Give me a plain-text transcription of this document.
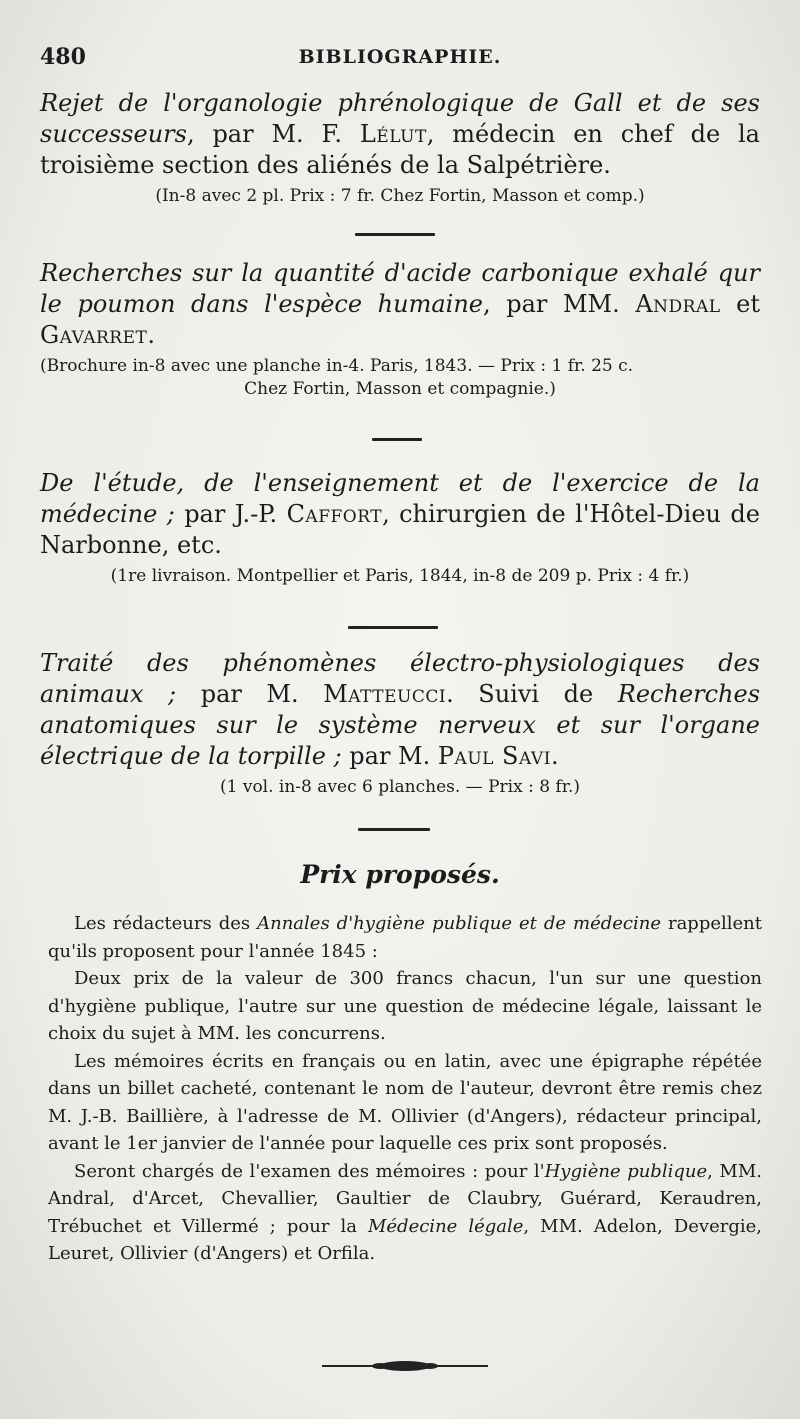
480	BIBLIOGRAPHIE.

Rejet de l'organologie phrénologique de Gall et de ses successeurs, par M. F. Lélut, médecin en chef de la troisième section des aliénés de la Salpétrière.

(In-8 avec 2 pl. Prix : 7 fr. Chez Fortin, Masson et comp.)

Recherches sur la quantité d'acide carbonique exhalé qur le poumon dans l'espèce humaine, par MM. Andral et Gavarret.

(Brochure in-8 avec une planche in-4. Paris, 1843. — Prix : 1 fr. 25 c.

Chez Fortin, Masson et compagnie.)

De l'étude, de l'enseignement et de l'exercice de la médecine ; par J.-P. Caffort, chirurgien de l'Hôtel-Dieu de Narbonne, etc.

(1re livraison. Montpellier et Paris, 1844, in-8 de 209 p. Prix : 4 fr.)

Traité des phénomènes électro-physiologiques des animaux ; par M. Matteucci. Suivi de Recherches anatomiques sur le système nerveux et sur l'organe électrique de la torpille ; par M. Paul Savi.

(1 vol. in-8 avec 6 planches. — Prix : 8 fr.)

Prix proposés.

Les rédacteurs des Annales d'hygiène publique et de médecine rappellent qu'ils proposent pour l'année 1845 :

Deux prix de la valeur de 300 francs chacun, l'un sur une question d'hygiène publique, l'autre sur une question de médecine légale, laissant le choix du sujet à MM. les concurrens.

Les mémoires écrits en français ou en latin, avec une épigraphe répétée dans un billet cacheté, contenant le nom de l'auteur, devront être remis chez M. J.-B. Baillière, à l'adresse de M. Ollivier (d'Angers), rédacteur principal, avant le 1er janvier de l'année pour laquelle ces prix sont proposés.

Seront chargés de l'examen des mémoires : pour l'Hygiène publique, MM. Andral, d'Arcet, Chevallier, Gaultier de Claubry, Guérard, Keraudren, Trébuchet et Villermé ; pour la Médecine légale, MM. Adelon, Devergie, Leuret, Ollivier (d'Angers) et Orfila.
